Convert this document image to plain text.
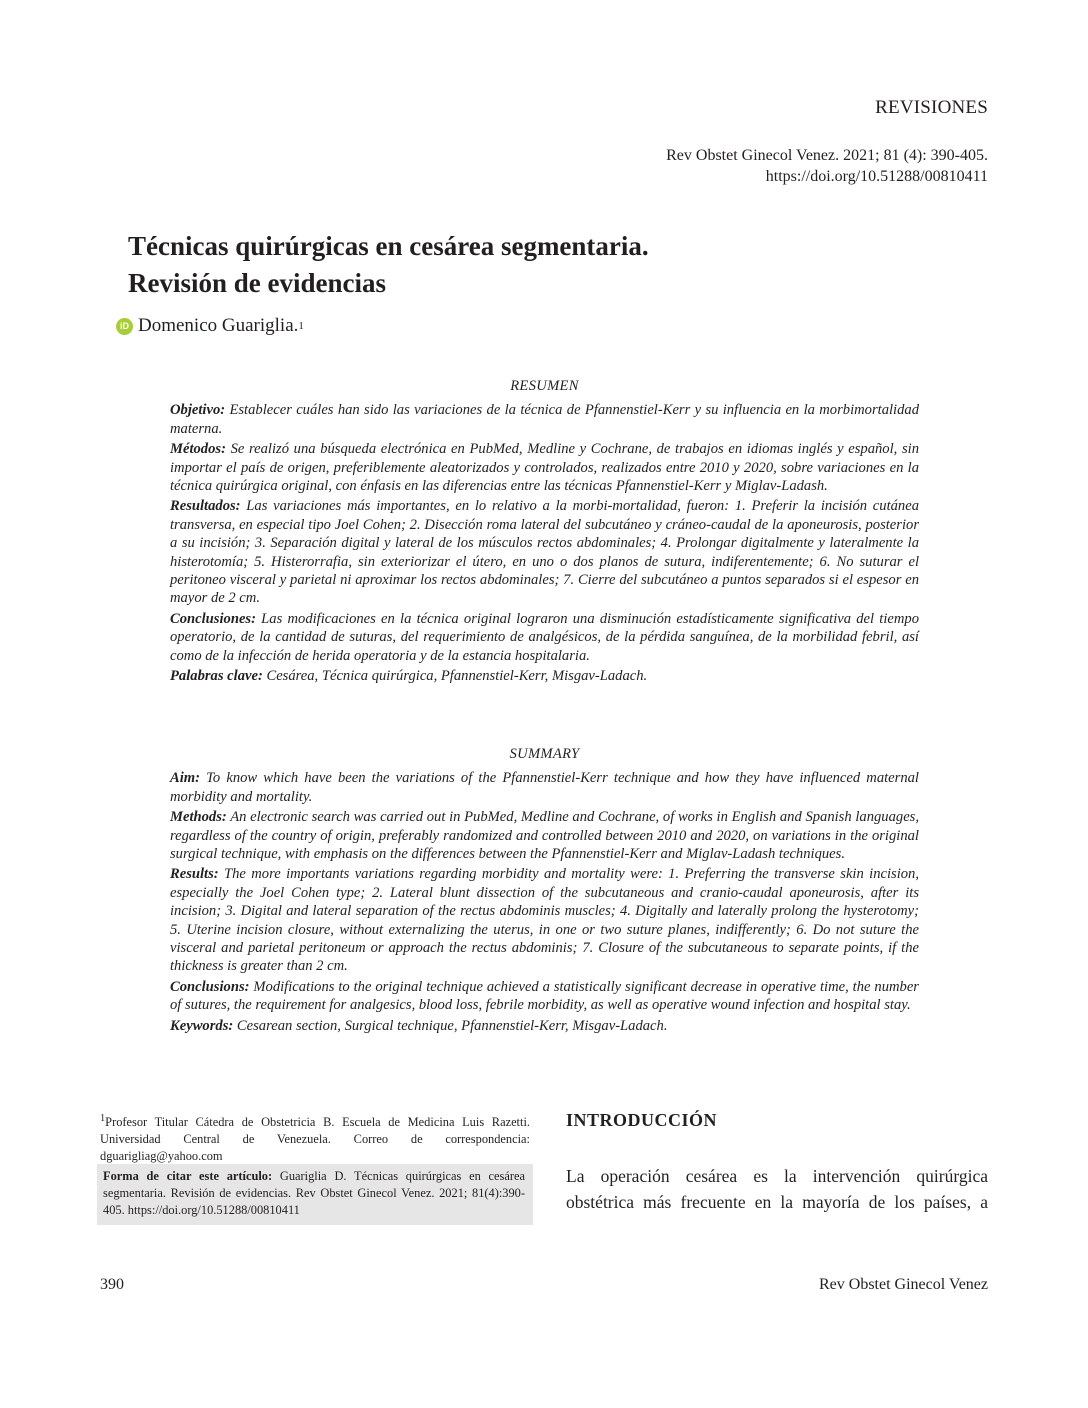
REVISIONES
Rev Obstet Ginecol Venez. 2021; 81 (4): 390-405.
https://doi.org/10.51288/00810411
Técnicas quirúrgicas en cesárea segmentaria.
Revisión de evidencias
iD Domenico Guariglia. 1
RESUMEN

Objetivo: Establecer cuáles han sido las variaciones de la técnica de Pfannenstiel-Kerr y su influencia en la morbimortalidad materna.

Métodos: Se realizó una búsqueda electrónica en PubMed, Medline y Cochrane, de trabajos en idiomas inglés y español, sin importar el país de origen, preferiblemente aleatorizados y controlados, realizados entre 2010 y 2020, sobre variaciones en la técnica quirúrgica original, con énfasis en las diferencias entre las técnicas Pfannenstiel-Kerr y Miglav-Ladash.

Resultados: Las variaciones más importantes, en lo relativo a la morbi-mortalidad, fueron: 1. Preferir la incisión cutánea transversa, en especial tipo Joel Cohen; 2. Disección roma lateral del subcutáneo y cráneo-caudal de la aponeurosis, posterior a su incisión; 3. Separación digital y lateral de los músculos rectos abdominales; 4. Prolongar digitalmente y lateralmente la histerotomía; 5. Histerorrafia, sin exteriorizar el útero, en uno o dos planos de sutura, indiferentemente; 6. No suturar el peritoneo visceral y parietal ni aproximar los rectos abdominales; 7. Cierre del subcutáneo a puntos separados si el espesor en mayor de 2 cm.

Conclusiones: Las modificaciones en la técnica original lograron una disminución estadísticamente significativa del tiempo operatorio, de la cantidad de suturas, del requerimiento de analgésicos, de la pérdida sanguínea, de la morbilidad febril, así como de la infección de herida operatoria y de la estancia hospitalaria.

Palabras clave: Cesárea, Técnica quirúrgica, Pfannenstiel-Kerr, Misgav-Ladach.

SUMMARY

Aim: To know which have been the variations of the Pfannenstiel-Kerr technique and how they have influenced maternal morbidity and mortality.

Methods: An electronic search was carried out in PubMed, Medline and Cochrane, of works in English and Spanish languages, regardless of the country of origin, preferably randomized and controlled between 2010 and 2020, on variations in the original surgical technique, with emphasis on the differences between the Pfannenstiel-Kerr and Miglav-Ladash techniques.

Results: The more importants variations regarding morbidity and mortality were: 1. Preferring the transverse skin incision, especially the Joel Cohen type; 2. Lateral blunt dissection of the subcutaneous and cranio-caudal aponeurosis, after its incision; 3. Digital and lateral separation of the rectus abdominis muscles; 4. Digitally and laterally prolong the hysterotomy; 5. Uterine incision closure, without externalizing the uterus, in one or two suture planes, indifferently; 6. Do not suture the visceral and parietal peritoneum or approach the rectus abdominis; 7. Closure of the subcutaneous to separate points, if the thickness is greater than 2 cm.

Conclusions: Modifications to the original technique achieved a statistically significant decrease in operative time, the number of sutures, the requirement for analgesics, blood loss, febrile morbidity, as well as operative wound infection and hospital stay.

Keywords: Cesarean section, Surgical technique, Pfannenstiel-Kerr, Misgav-Ladach.

$^1$Profesor Titular Cátedra de Obstetricia B. Escuela de Medicina Luis Razetti. Universidad Central de Venezuela. Correo de correspondencia: dguarigliag@yahoo.com
Forma de citar este artículo: Guariglia D. Técnicas quirúrgicas en cesárea segmentaria. Revisión de evidencias. Rev Obstet Ginecol Venez. 2021; 81(4):390-405. https://doi.org/10.51288/00810411
INTRODUCCIÓN

La operación cesárea es la intervención quirúrgica obstétrica más frecuente en la mayoría de los países, a

390	Rev Obstet Ginecol Venez
